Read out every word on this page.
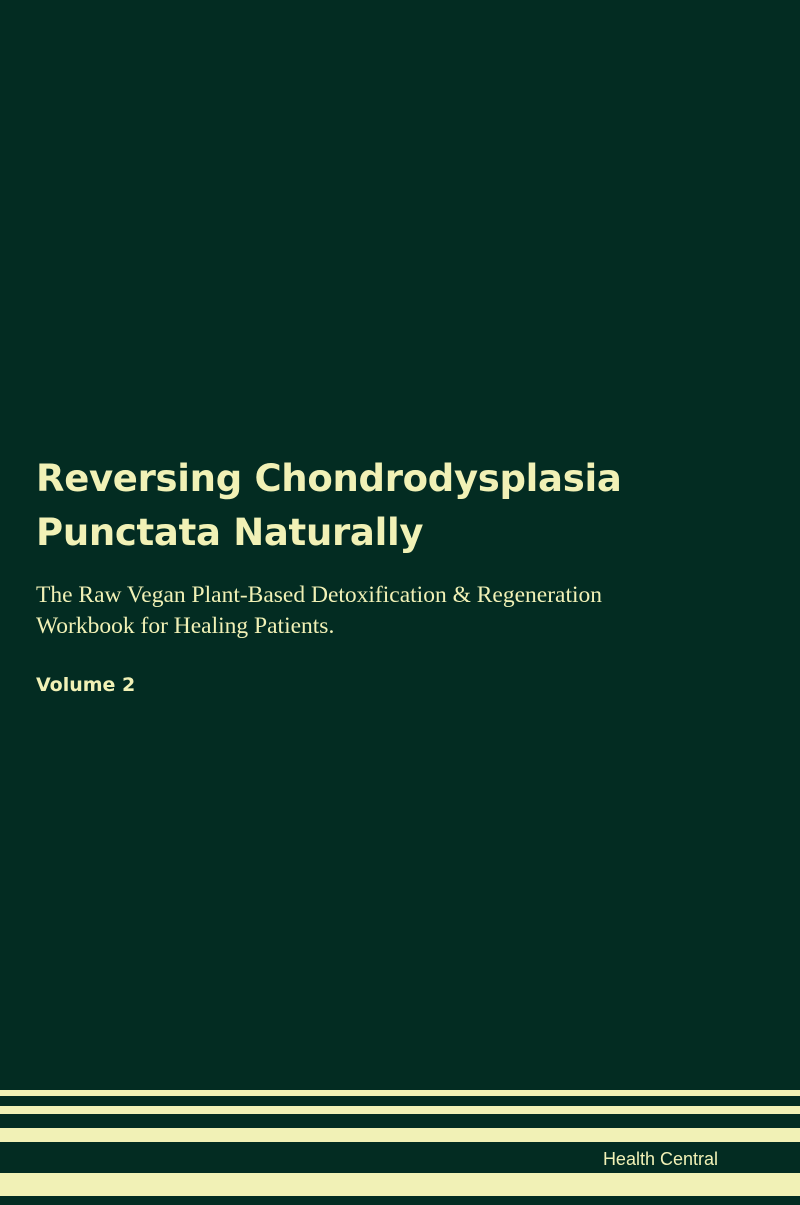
Reversing Chondrodysplasia
Punctata Naturally

The Raw Vegan Plant-Based Detoxification & Regeneration
Workbook for Healing Patients.

Volume 2

Health Central
